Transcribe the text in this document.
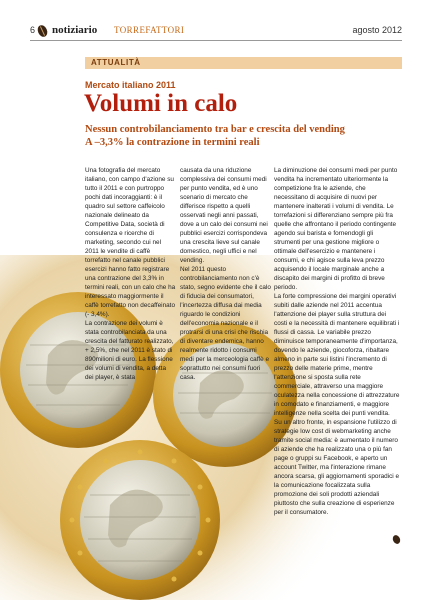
6 notiziario TORREFATTORI	agosto 2012
ATTUALITÀ
Mercato italiano 2011
Volumi in calo
Nessun controbilanciamento tra bar e crescita del vending
A –3,3% la contrazione in termini reali

Una fotografia del mercato italiano, con campo d'azione su tutto il 2011 e con purtroppo pochi dati incoraggianti: è il quadro sul settore caffeicolo nazionale delineato da Competitive Data, società di consulenza e ricerche di marketing, secondo cui nel 2011 le vendite di caffè torrefatto nel canale pubblici esercizi hanno fatto registrare una contrazione del 3,3% in termini reali, con un calo che ha interessato maggiormente il caffè torrefatto non decaffeinato (- 3,4%).

La contrazione dei volumi è stata controbilanciata da una crescita del fatturato realizzato, + 2,5%, che nel 2011 è stato di 890milioni di euro. La flessione dei volumi di vendita, a detta dei player, è stata

causata da una riduzione complessiva dei consumi medi per punto vendita, ed è uno scenario di mercato che differisce rispetto a quelli osservati negli anni passati, dove a un calo dei consumi nei pubblici esercizi corrispondeva una crescita lieve sul canale domestico, negli uffici e nel vending.

Nel 2011 questo controbilanciamento non c'è stato, segno evidente che il calo di fiducia dei consumatori, l'incertezza diffusa dai media riguardo le condizioni dell'economia nazionale e il protrarsi di una crisi che rischia di diventare endemica, hanno realmente ridotto i consumi medi per la merceologia caffè e soprattutto nei consumi fuori casa.

La diminuzione dei consumi medi per punto vendita ha incrementato ulteriormente la competizione fra le aziende, che necessitano di acquisire di nuovi per mantenere inalterati i volumi di vendita. Le torrefazioni si differenziano sempre più fra quelle che affrontano il periodo contingente agendo sui barista e fornendogli gli strumenti per una gestione migliore o ottimale dell'esercizio e mantenere i consumi, e chi agisce sulla leva prezzo acquisendo il locale marginale anche a discapito dei margini di profitto di breve periodo.

La forte compressione dei margini operativi subiti dalle aziende nel 2011 accentua l'attenzione dei player sulla struttura dei costi e la necessità di mantenere equilibrati i flussi di cassa. Le variabile prezzo diminuisce temporaneamente d'importanza, dovendo le aziende, giocoforza, ribaltare almeno in parte sui listini l'incremento di prezzo delle materie prime, mentre l'attenzione si sposta sulla rete commerciale, attraverso una maggiore oculatezza nella concessione di attrezzature in comodato e finanziamenti, e maggiore intelligenze nella scelta dei punti vendita.

Su un altro fronte, in espansione l'utilizzo di strategie low cost di webmarketing anche tramite social media: è aumentato il numero di aziende che ha realizzato una o più fan page o gruppi su Facebook, e aperto un account Twitter, ma l'interazione rimane ancora scarsa, gli aggiornamenti sporadici e la comunicazione focalizzata sulla promozione dei soli prodotti aziendali piuttosto che sulla creazione di esperienze per il consumatore.
